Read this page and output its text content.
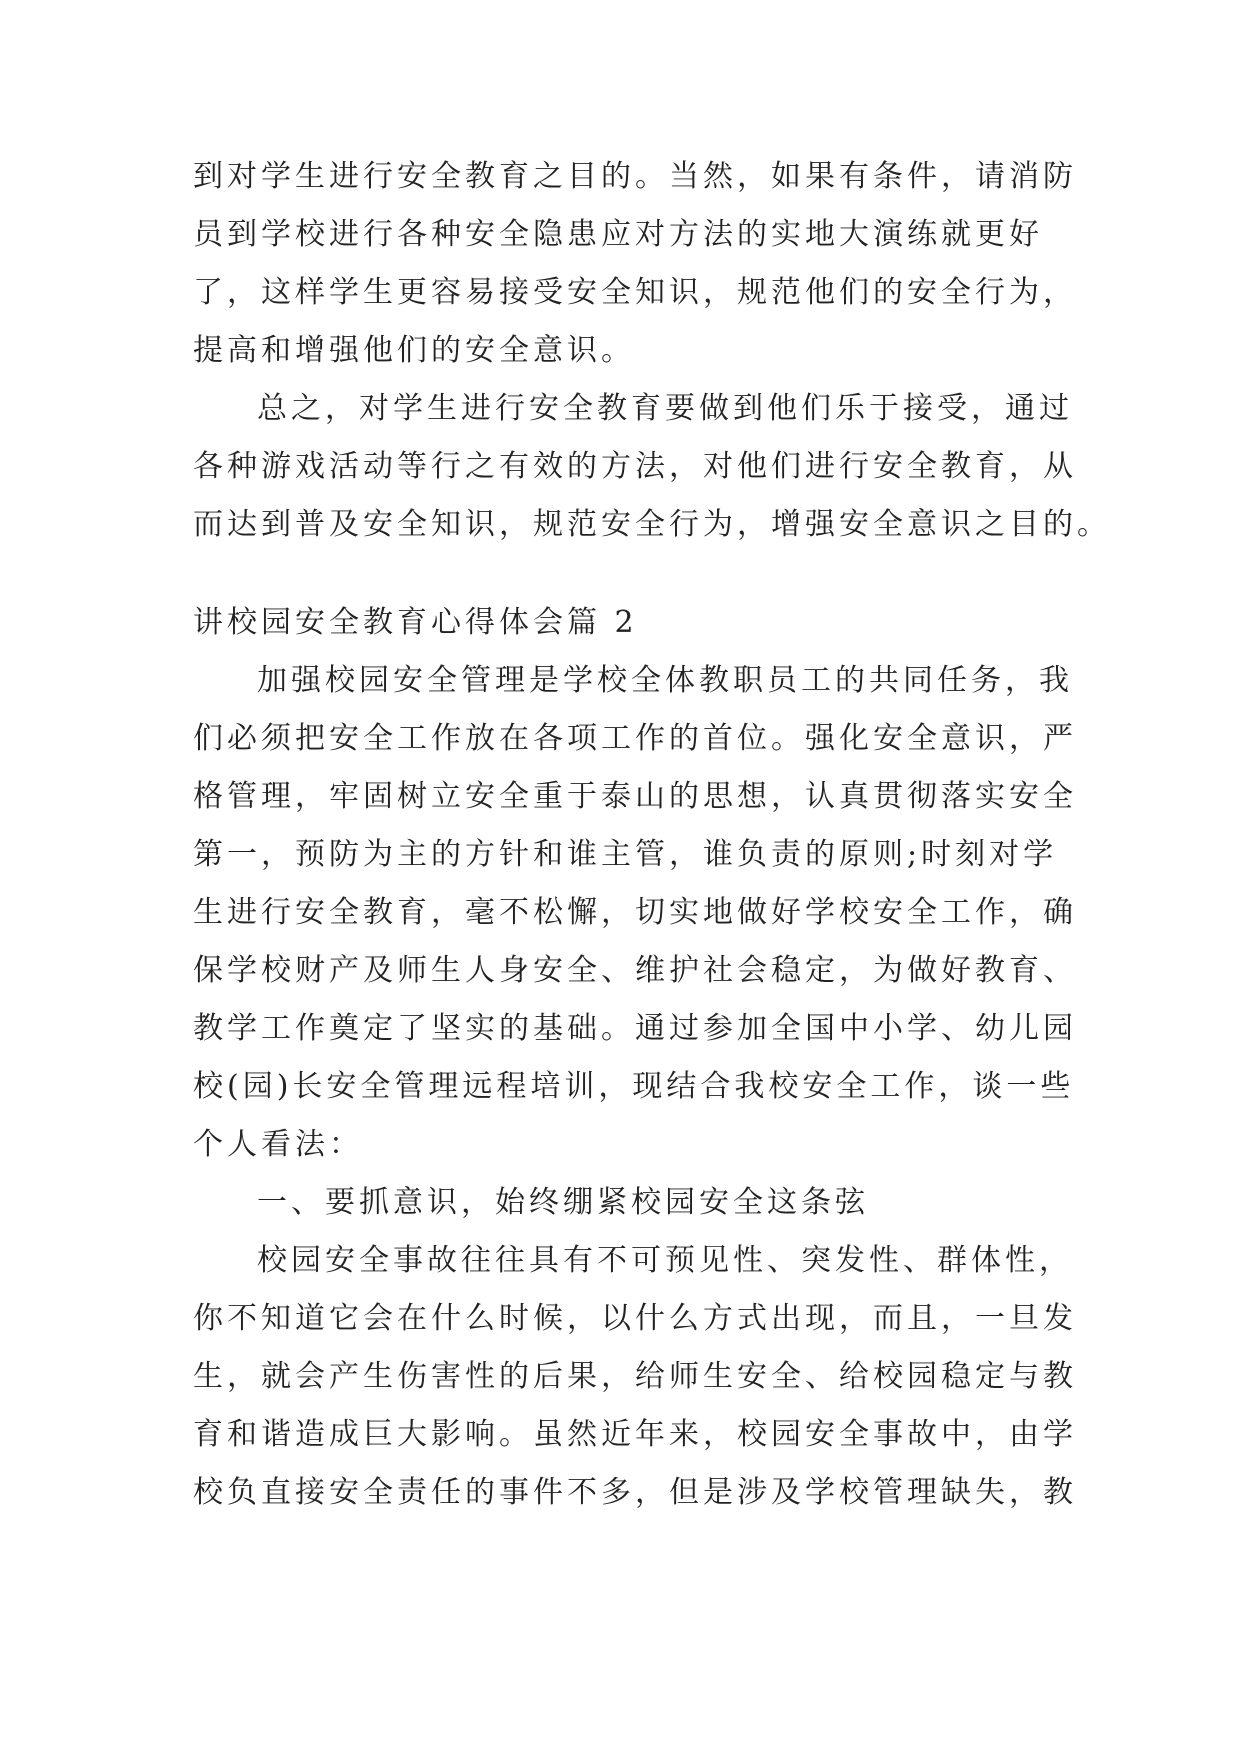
到对学生进行安全教育之目的。当然，如果有条件，请消防
员到学校进行各种安全隐患应对方法的实地大演练就更好
了，这样学生更容易接受安全知识，规范他们的安全行为，
提高和增强他们的安全意识。
总之，对学生进行安全教育要做到他们乐于接受，通过
各种游戏活动等行之有效的方法，对他们进行安全教育，从
而达到普及安全知识，规范安全行为，增强安全意识之目的。
讲校园安全教育心得体会篇 2
加强校园安全管理是学校全体教职员工的共同任务，我
们必须把安全工作放在各项工作的首位。强化安全意识，严
格管理，牢固树立安全重于泰山的思想，认真贯彻落实安全
第一，预防为主的方针和谁主管，谁负责的原则;时刻对学
生进行安全教育，毫不松懈，切实地做好学校安全工作，确
保学校财产及师生人身安全、维护社会稳定，为做好教育、
教学工作奠定了坚实的基础。通过参加全国中小学、幼儿园
校(园)长安全管理远程培训，现结合我校安全工作，谈一些
个人看法：
一、要抓意识，始终绷紧校园安全这条弦
校园安全事故往往具有不可预见性、突发性、群体性，
你不知道它会在什么时候，以什么方式出现，而且，一旦发
生，就会产生伤害性的后果，给师生安全、给校园稳定与教
育和谐造成巨大影响。虽然近年来，校园安全事故中，由学
校负直接安全责任的事件不多，但是涉及学校管理缺失，教
